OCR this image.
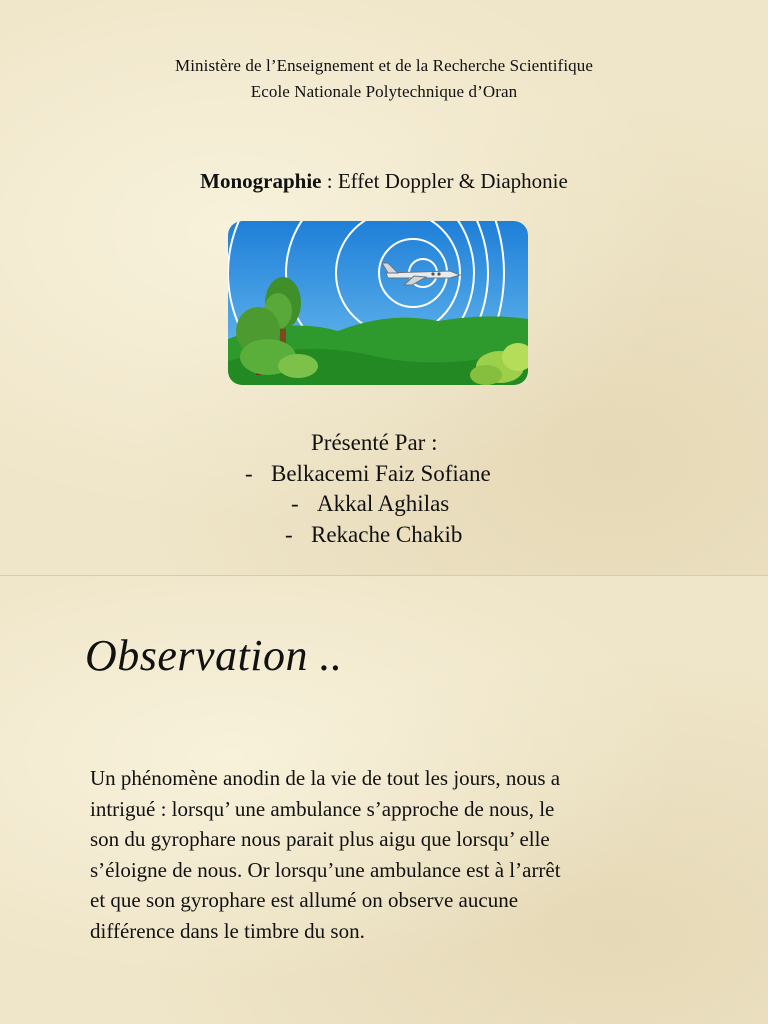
Ministère de l’Enseignement et de la Recherche Scientifique
Ecole Nationale Polytechnique d’Oran
Monographie : Effet Doppler & Diaphonie
Présenté Par :
- Belkacemi Faiz Sofiane
- Akkal Aghilas
- Rekache Chakib
Observation ..
Un phénomène anodin de la vie de tout les jours, nous a
intrigué : lorsqu’ une ambulance s’approche de nous, le
son du gyrophare nous parait plus aigu que lorsqu’ elle
s’éloigne de nous. Or lorsqu’une ambulance est à l’arrêt
et que son gyrophare est allumé on observe aucune
différence dans le timbre du son.
